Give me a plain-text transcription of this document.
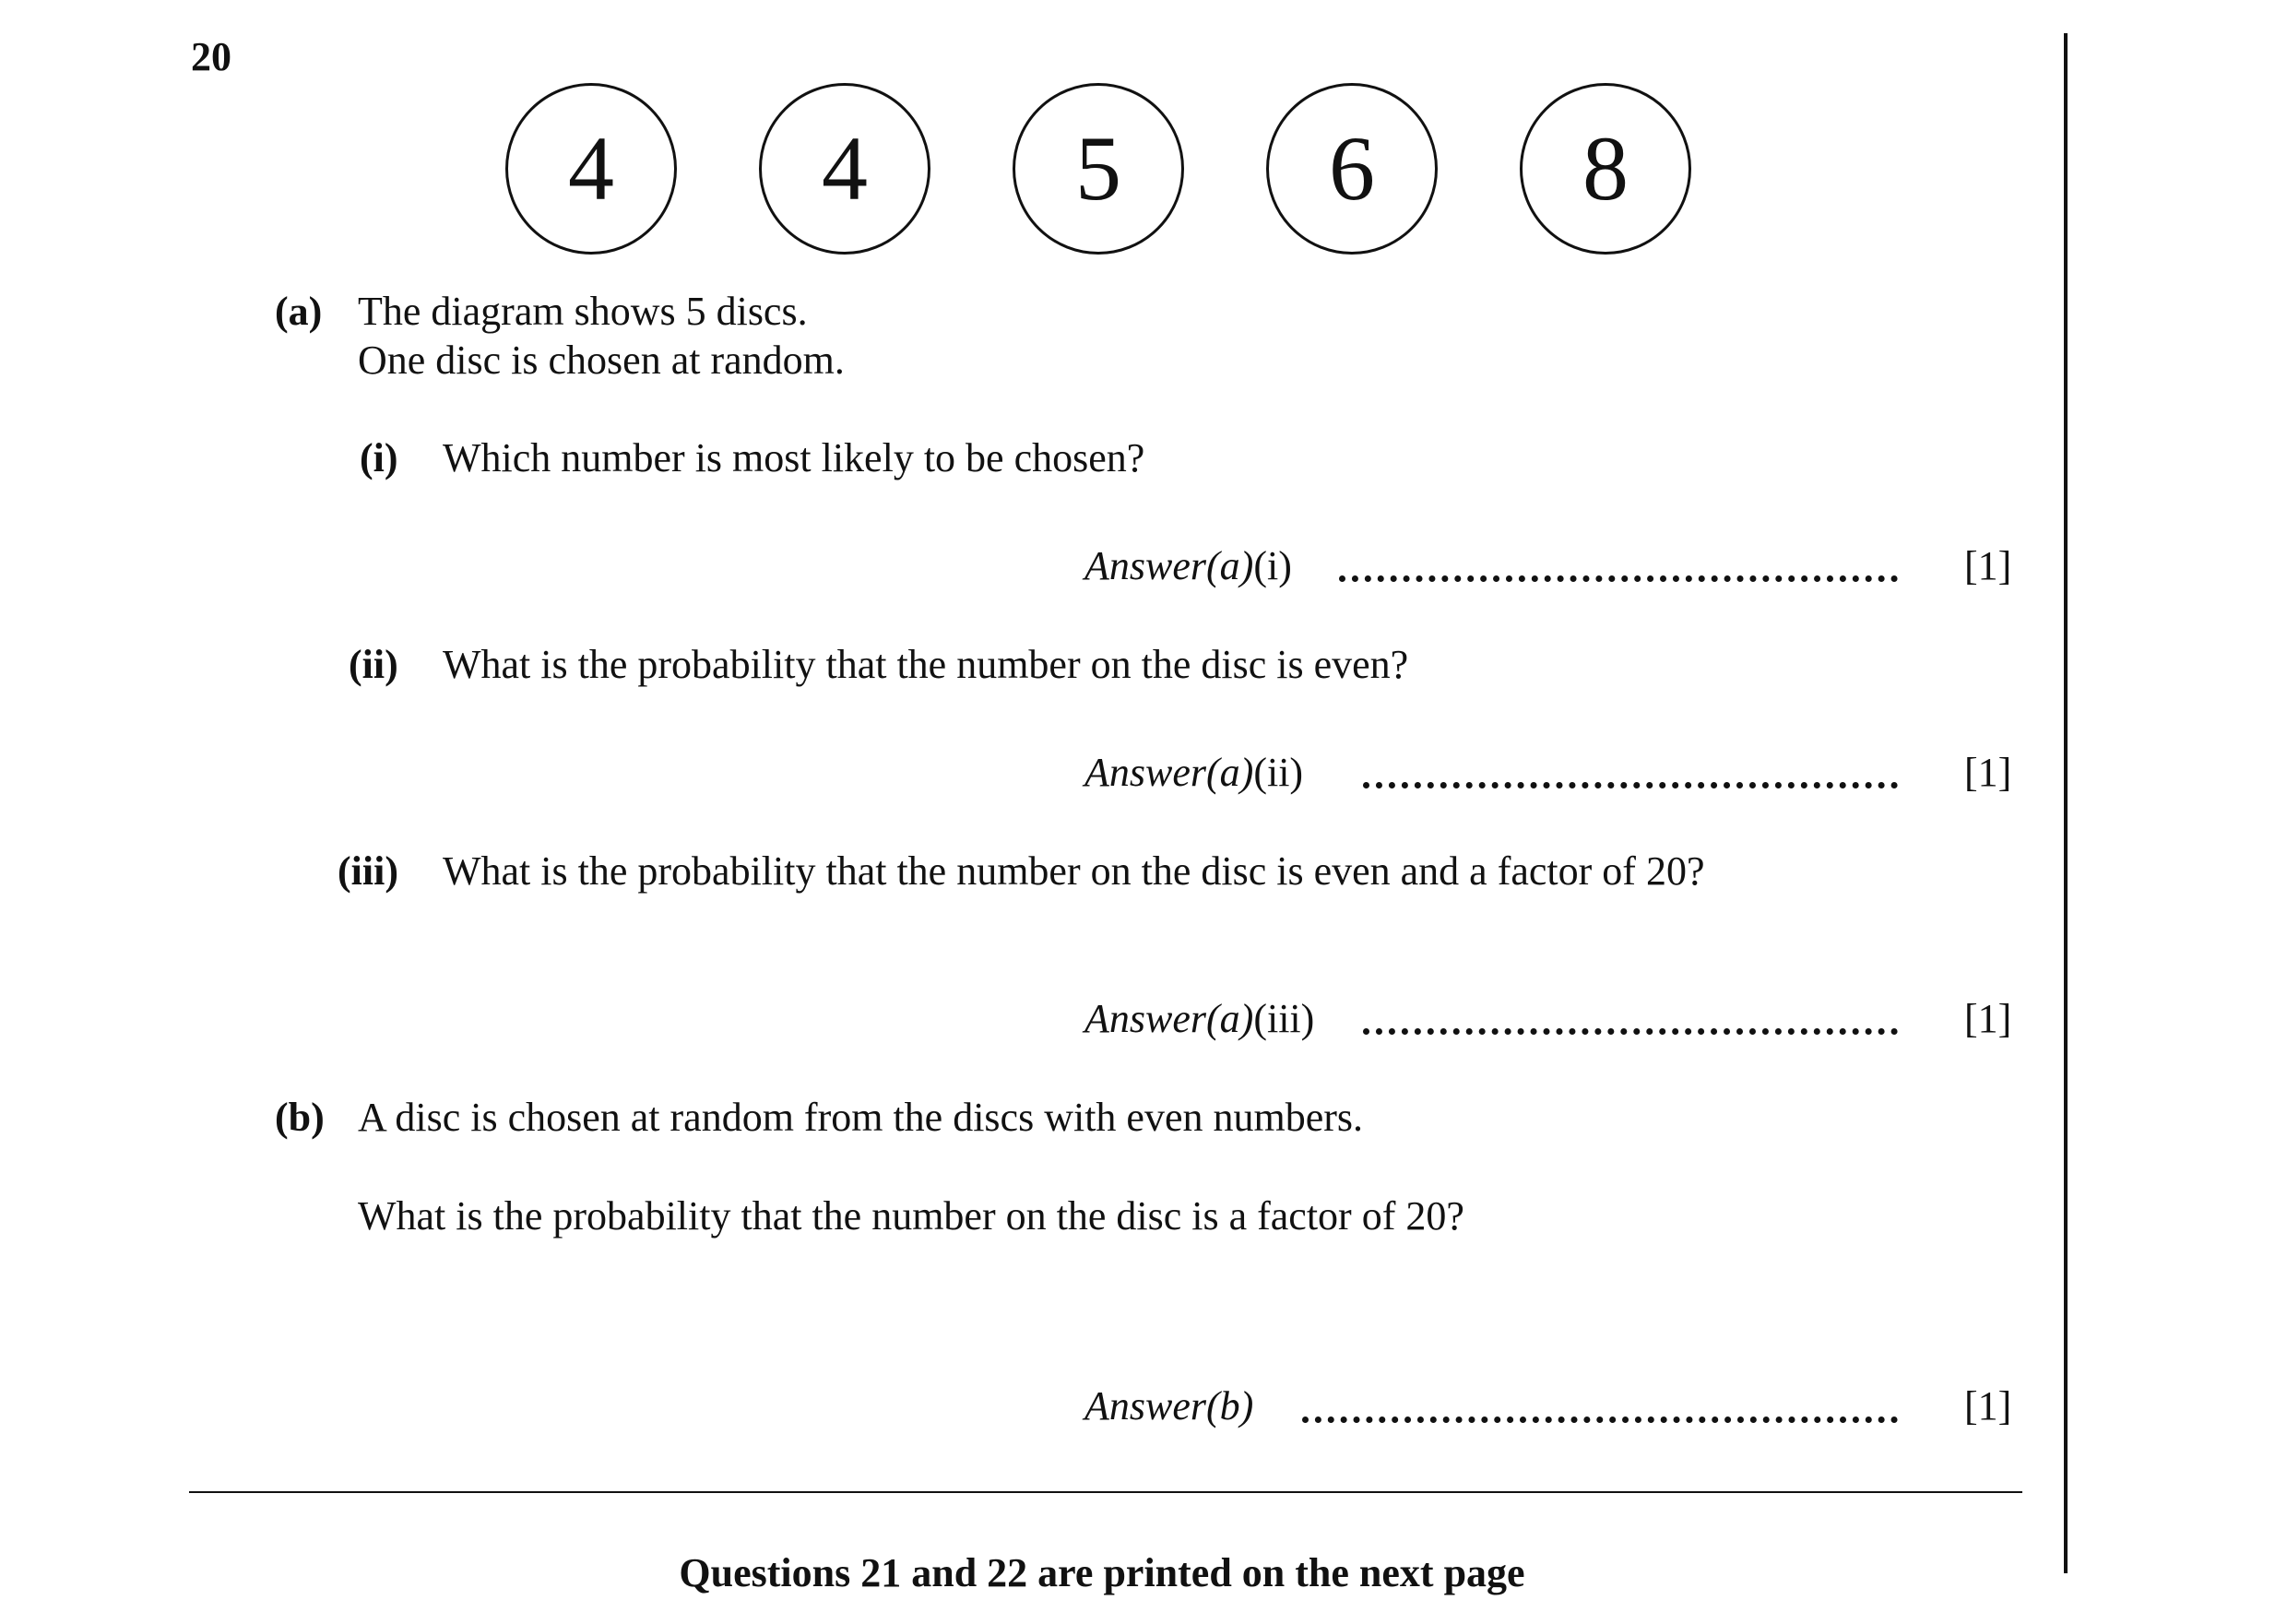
20
4	4	5	6	8
(a) The diagram shows 5 discs.
One disc is chosen at random.
(i) Which number is most likely to be chosen?
Answer(a)(i)	[1]
(ii) What is the probability that the number on the disc is even?
Answer(a)(ii)	[1]
(iii) What is the probability that the number on the disc is even and a factor of 20?
Answer(a)(iii)	[1]
(b) A disc is chosen at random from the discs with even numbers.
What is the probability that the number on the disc is a factor of 20?
Answer(b)	[1]
Questions 21 and 22 are printed on the next page
